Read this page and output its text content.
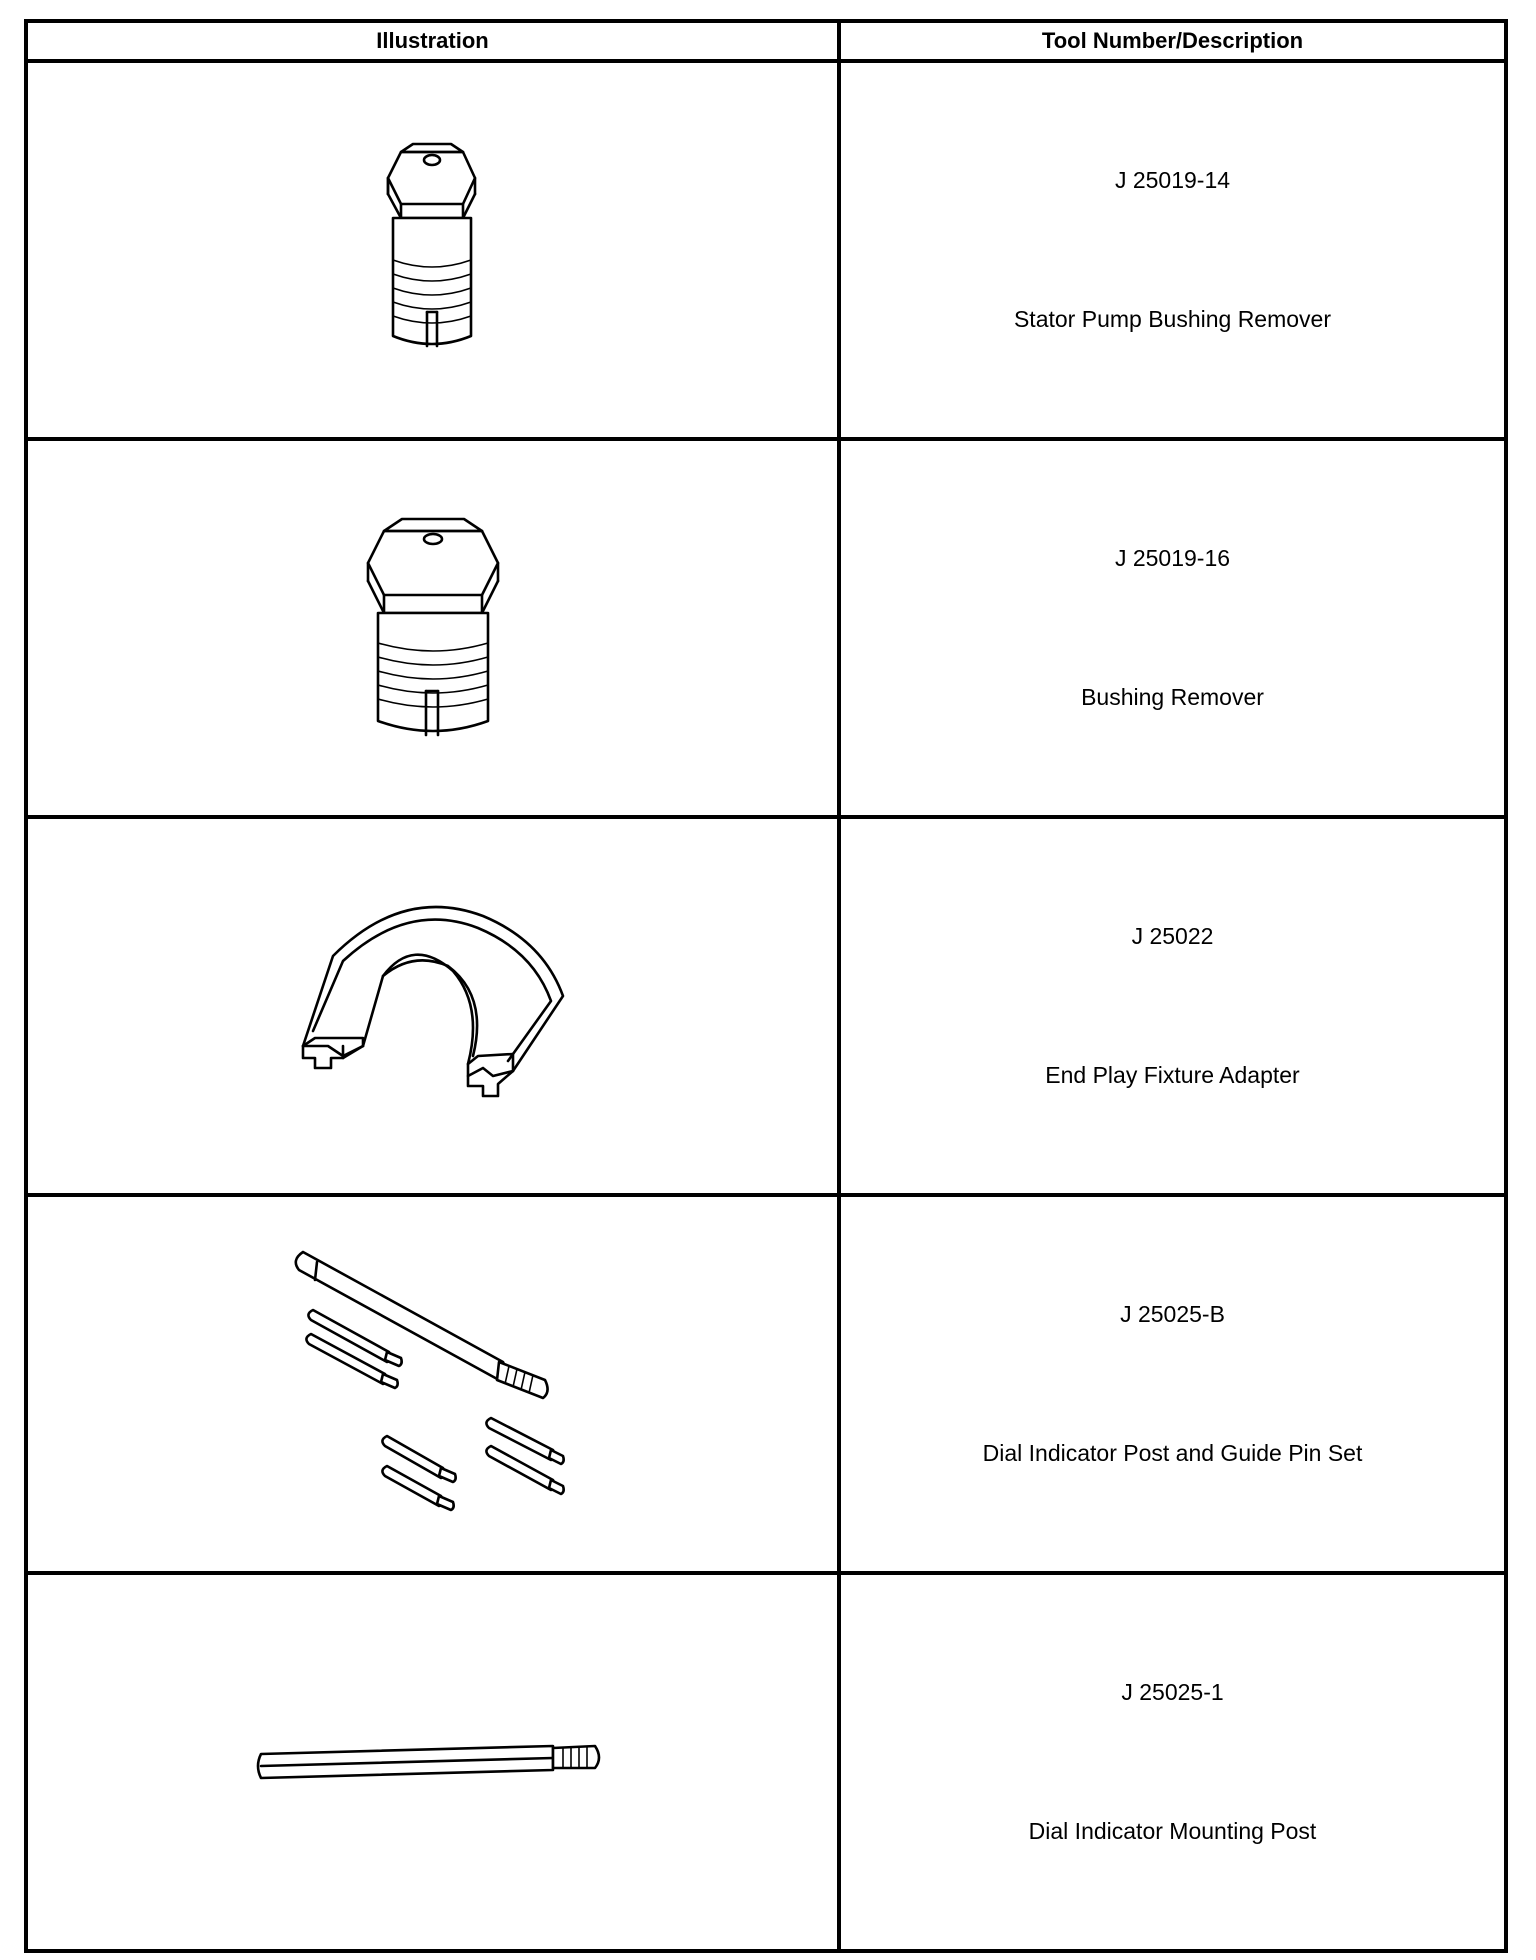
Illustration	Tool Number/Description

J 25019-14
Stator Pump Bushing Remover

J 25019-16
Bushing Remover

J 25022
End Play Fixture Adapter

J 25025-B
Dial Indicator Post and Guide Pin Set

J 25025-1
Dial Indicator Mounting Post
